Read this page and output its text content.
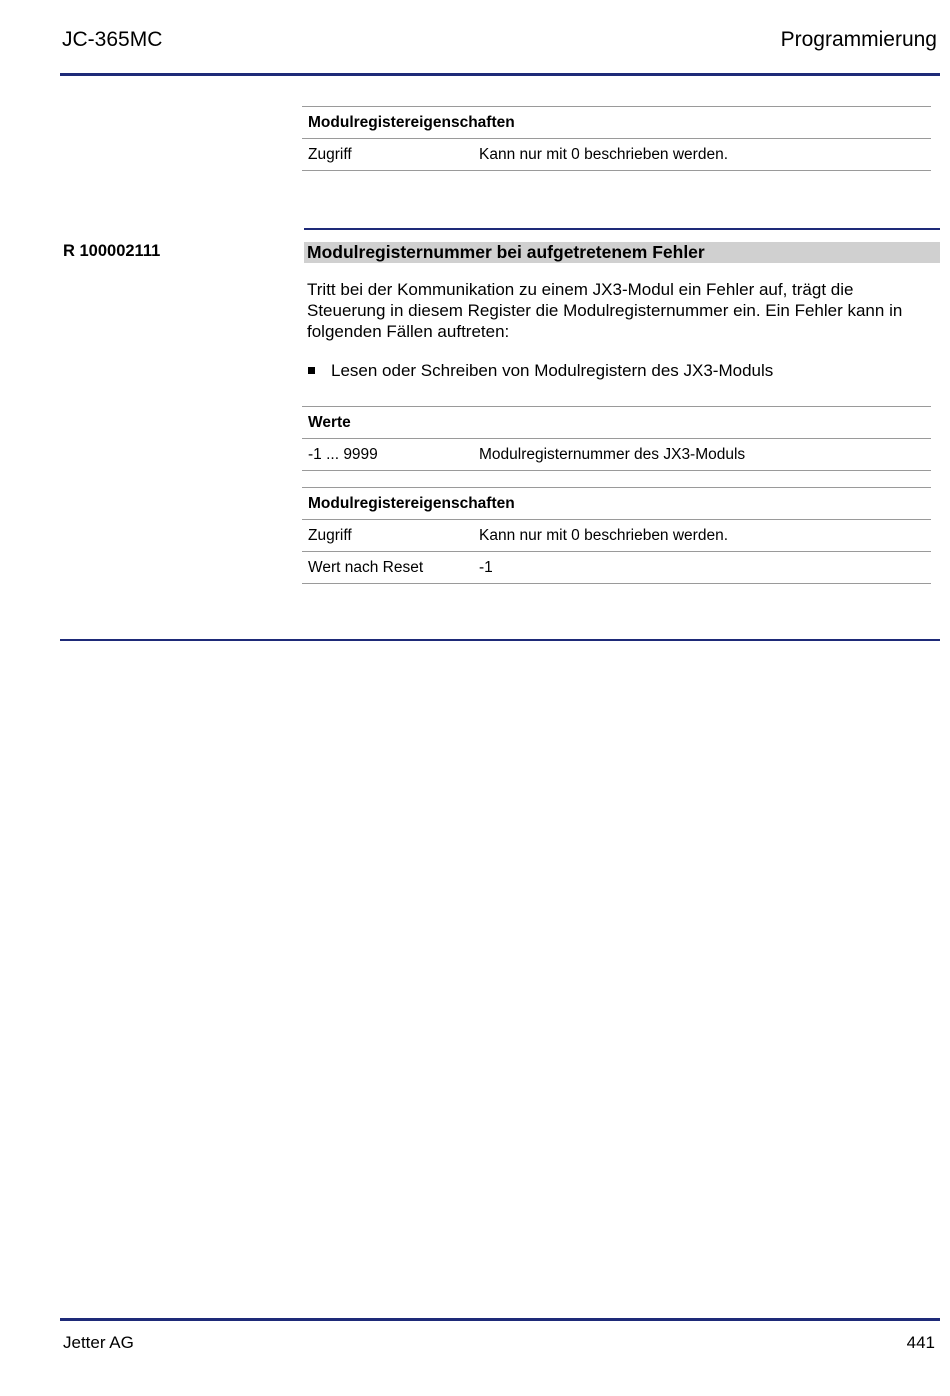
JC-365MC	Programmierung
Modulregistereigenschaften
Zugriff	Kann nur mit 0 beschrieben werden.
R 100002111	Modulregisternummer bei aufgetretenem Fehler
Tritt bei der Kommunikation zu einem JX3-Modul ein Fehler auf, trägt die Steuerung in diesem Register die Modulregisternummer ein. Ein Fehler kann in folgenden Fällen auftreten:
Lesen oder Schreiben von Modulregistern des JX3-Moduls
Werte
-1 ... 9999	Modulregisternummer des JX3-Moduls
Modulregistereigenschaften
Zugriff	Kann nur mit 0 beschrieben werden.
Wert nach Reset	-1
Jetter AG	441
